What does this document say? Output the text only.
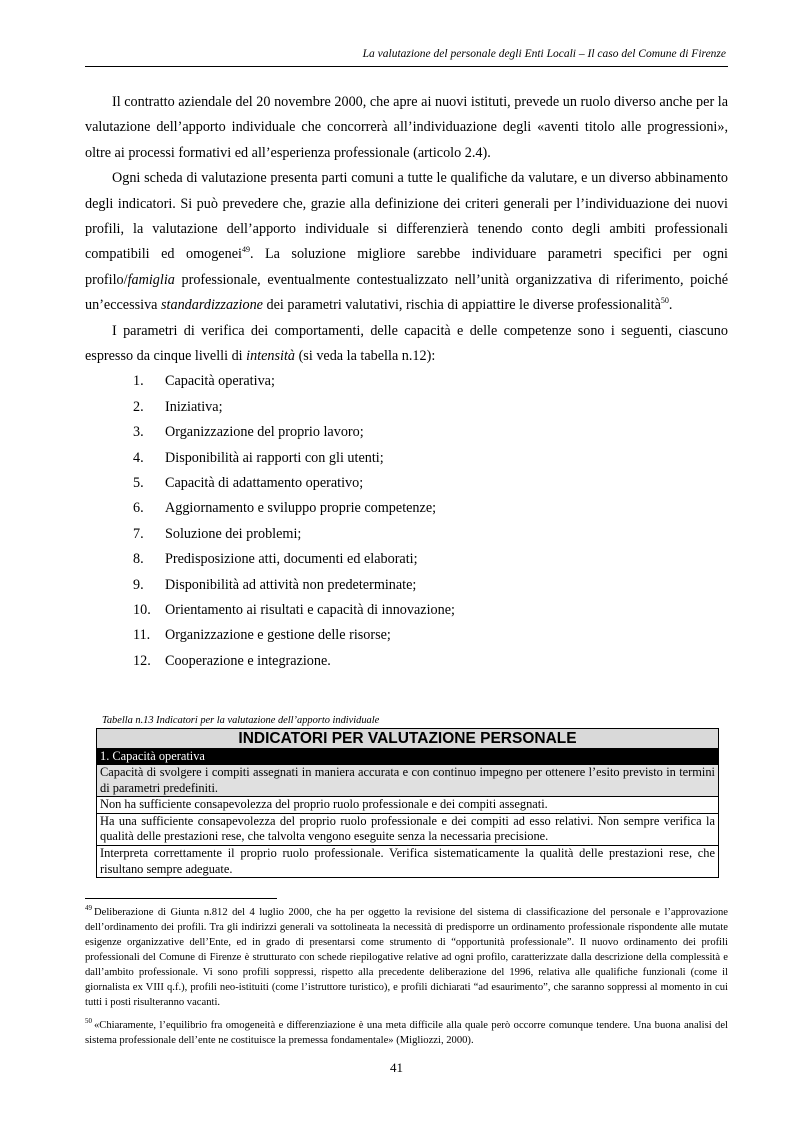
La valutazione del personale degli Enti Locali – Il caso del Comune di Firenze

Il contratto aziendale del 20 novembre 2000, che apre ai nuovi istituti, prevede un ruolo diverso anche per la valutazione dell’apporto individuale che concorrerà all’individuazione degli «aventi titolo alle progressioni», oltre ai processi formativi ed all’esperienza professionale (articolo 2.4).

Ogni scheda di valutazione presenta parti comuni a tutte le qualifiche da valutare, e un diverso abbinamento degli indicatori. Si può prevedere che, grazie alla definizione dei criteri generali per l’individuazione dei nuovi profili, la valutazione dell’apporto individuale si differenzierà tenendo conto degli ambiti professionali compatibili ed omogenei$^{49}$. La soluzione migliore sarebbe individuare parametri specifici per ogni profilo/famiglia professionale, eventualmente contestualizzato nell’unità organizzativa di riferimento, poiché un’eccessiva standardizzazione dei parametri valutativi, rischia di appiattire le diverse professionalità$^{50}$.

I parametri di verifica dei comportamenti, delle capacità e delle competenze sono i seguenti, ciascuno espresso da cinque livelli di intensità (si veda la tabella n.12):

1. Capacità operativa;
2. Iniziativa;
3. Organizzazione del proprio lavoro;
4. Disponibilità ai rapporti con gli utenti;
5. Capacità di adattamento operativo;
6. Aggiornamento e sviluppo proprie competenze;
7. Soluzione dei problemi;
8. Predisposizione atti, documenti ed elaborati;
9. Disponibilità ad attività non predeterminate;
10. Orientamento ai risultati e capacità di innovazione;
11. Organizzazione e gestione delle risorse;
12. Cooperazione e integrazione.
Tabella n.13 Indicatori per la valutazione dell’apporto individuale
INDICATORI PER VALUTAZIONE PERSONALE
1. Capacità operativa
Capacità di svolgere i compiti assegnati in maniera accurata e con continuo impegno per ottenere l’esito previsto in termini di parametri predefiniti.
Non ha sufficiente consapevolezza del proprio ruolo professionale e dei compiti assegnati.
Ha una sufficiente consapevolezza del proprio ruolo professionale e dei compiti ad esso relativi. Non sempre verifica la qualità delle prestazioni rese, che talvolta vengono eseguite senza la necessaria precisione.
Interpreta correttamente il proprio ruolo professionale. Verifica sistematicamente la qualità delle prestazioni rese, che risultano sempre adeguate.

$^{49}$ Deliberazione di Giunta n.812 del 4 luglio 2000, che ha per oggetto la revisione del sistema di classificazione del personale e l’approvazione dell’ordinamento dei profili. Tra gli indirizzi generali va sottolineata la necessità di predisporre un ordinamento professionale rispondente alle mutate esigenze organizzative dell’Ente, ed in grado di presentarsi come strumento di “opportunità professionale”. Il nuovo ordinamento dei profili professionali del Comune di Firenze è strutturato con schede riepilogative relative ad ogni profilo, caratterizzate dalla descrizione della complessità e dall’ambito professionale. Vi sono profili soppressi, rispetto alla precedente deliberazione del 1996, relativa alle qualifiche funzionali (come il giornalista ex VIII q.f.), profili neo-istituiti (come l’istruttore turistico), e profili dichiarati “ad esaurimento”, che saranno soppressi al momento in cui tutti i posti risulteranno vacanti.

$^{50}$ «Chiaramente, l’equilibrio fra omogeneità e differenziazione è una meta difficile alla quale però occorre comunque tendere. Una buona analisi del sistema professionale dell’ente ne costituisce la premessa fondamentale» (Migliozzi, 2000).

41
